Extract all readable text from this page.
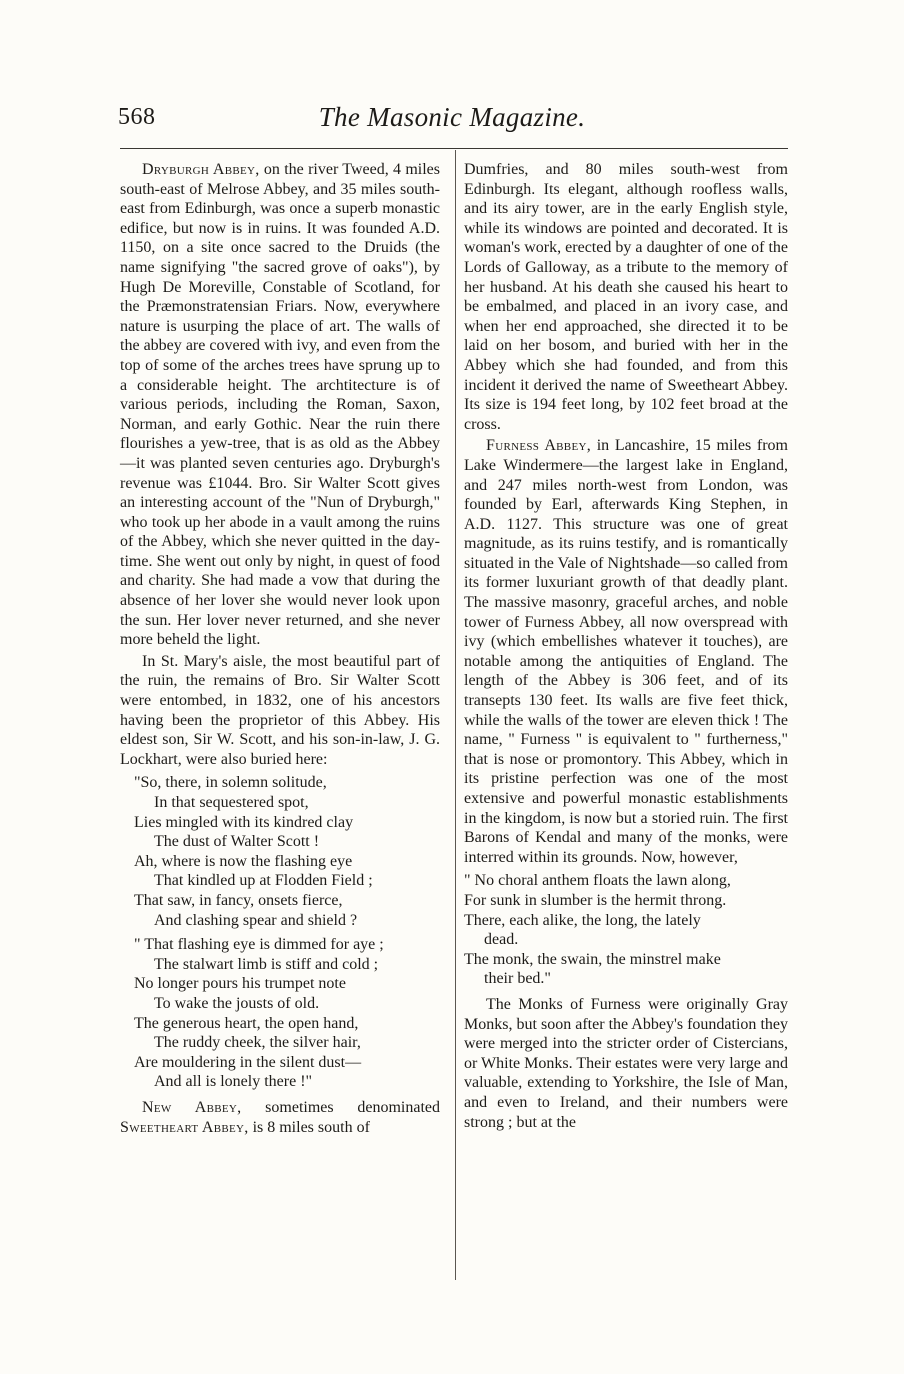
568	The Masonic Magazine.

Dryburgh Abbey, on the river Tweed, 4 miles south-east of Melrose Abbey, and 35 miles south-east from Edinburgh, was once a superb monastic edifice, but now is in ruins. It was founded A.D. 1150, on a site once sacred to the Druids (the name signifying "the sacred grove of oaks"), by Hugh De Moreville, Constable of Scotland, for the Præmonstratensian Friars. Now, everywhere nature is usurping the place of art. The walls of the abbey are covered with ivy, and even from the top of some of the arches trees have sprung up to a considerable height. The archtitecture is of various periods, including the Roman, Saxon, Norman, and early Gothic. Near the ruin there flourishes a yew-tree, that is as old as the Abbey—it was planted seven centuries ago. Dryburgh's revenue was £1044. Bro. Sir Walter Scott gives an interesting account of the "Nun of Dryburgh," who took up her abode in a vault among the ruins of the Abbey, which she never quitted in the day-time. She went out only by night, in quest of food and charity. She had made a vow that during the absence of her lover she would never look upon the sun. Her lover never returned, and she never more beheld the light.

In St. Mary's aisle, the most beautiful part of the ruin, the remains of Bro. Sir Walter Scott were entombed, in 1832, one of his ancestors having been the proprietor of this Abbey. His eldest son, Sir W. Scott, and his son-in-law, J. G. Lockhart, were also buried here:

"So, there, in solemn solitude,
In that sequestered spot,
Lies mingled with its kindred clay
The dust of Walter Scott !
Ah, where is now the flashing eye
That kindled up at Flodden Field ;
That saw, in fancy, onsets fierce,
And clashing spear and shield ?
" That flashing eye is dimmed for aye ;
The stalwart limb is stiff and cold ;
No longer pours his trumpet note
To wake the jousts of old.
The generous heart, the open hand,
The ruddy cheek, the silver hair,
Are mouldering in the silent dust—
And all is lonely there !"

New Abbey, sometimes denominated Sweetheart Abbey, is 8 miles south of

Dumfries, and 80 miles south-west from Edinburgh. Its elegant, although roofless walls, and its airy tower, are in the early English style, while its windows are pointed and decorated. It is woman's work, erected by a daughter of one of the Lords of Galloway, as a tribute to the memory of her husband. At his death she caused his heart to be embalmed, and placed in an ivory case, and when her end approached, she directed it to be laid on her bosom, and buried with her in the Abbey which she had founded, and from this incident it derived the name of Sweetheart Abbey. Its size is 194 feet long, by 102 feet broad at the cross.

Furness Abbey, in Lancashire, 15 miles from Lake Windermere—the largest lake in England, and 247 miles north-west from London, was founded by Earl, afterwards King Stephen, in A.D. 1127. This structure was one of great magnitude, as its ruins testify, and is romantically situated in the Vale of Nightshade—so called from its former luxuriant growth of that deadly plant. The massive masonry, graceful arches, and noble tower of Furness Abbey, all now overspread with ivy (which embellishes whatever it touches), are notable among the antiquities of England. The length of the Abbey is 306 feet, and of its transepts 130 feet. Its walls are five feet thick, while the walls of the tower are eleven thick ! The name, " Furness " is equivalent to " furtherness," that is nose or promontory. This Abbey, which in its pristine perfection was one of the most extensive and powerful monastic establishments in the kingdom, is now but a storied ruin. The first Barons of Kendal and many of the monks, were interred within its grounds. Now, however,

" No choral anthem floats the lawn along,
For sunk in slumber is the hermit throng.
There, each alike, the long, the lately
dead.
The monk, the swain, the minstrel make
their bed."

The Monks of Furness were originally Gray Monks, but soon after the Abbey's foundation they were merged into the stricter order of Cistercians, or White Monks. Their estates were very large and valuable, extending to Yorkshire, the Isle of Man, and even to Ireland, and their numbers were strong ; but at the
